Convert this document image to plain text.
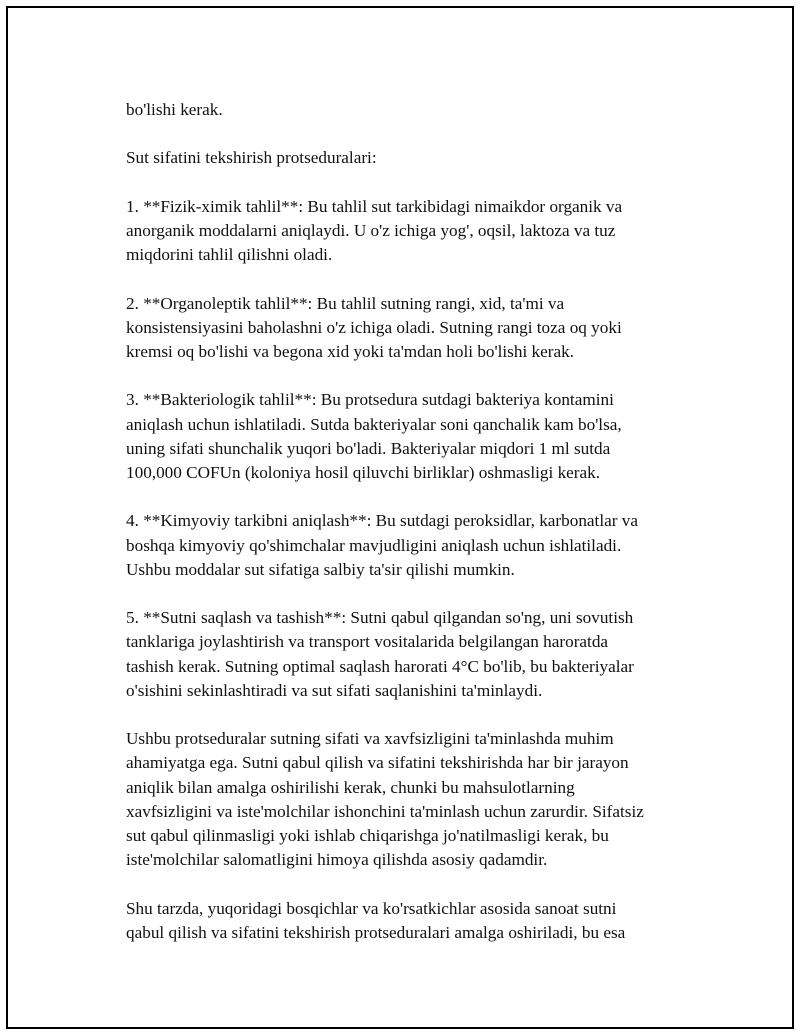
bo'lishi kerak.

Sut sifatini tekshirish protseduralari:

1. **Fizik-ximik tahlil**: Bu tahlil sut tarkibidagi nimaikdor organik va
anorganik moddalarni aniqlaydi. U o'z ichiga yog', oqsil, laktoza va tuz
miqdorini tahlil qilishni oladi.

2. **Organoleptik tahlil**: Bu tahlil sutning rangi, xid, ta'mi va
konsistensiyasini baholashni o'z ichiga oladi. Sutning rangi toza oq yoki
kremsi oq bo'lishi va begona xid yoki ta'mdan holi bo'lishi kerak.

3. **Bakteriologik tahlil**: Bu protsedura sutdagi bakteriya kontamini
aniqlash uchun ishlatiladi. Sutda bakteriyalar soni qanchalik kam bo'lsa,
uning sifati shunchalik yuqori bo'ladi. Bakteriyalar miqdori 1 ml sutda
100,000 COFUn (koloniya hosil qiluvchi birliklar) oshmasligi kerak.

4. **Kimyoviy tarkibni aniqlash**: Bu sutdagi peroksidlar, karbonatlar va
boshqa kimyoviy qo'shimchalar mavjudligini aniqlash uchun ishlatiladi.
Ushbu moddalar sut sifatiga salbiy ta'sir qilishi mumkin.

5. **Sutni saqlash va tashish**: Sutni qabul qilgandan so'ng, uni sovutish
tanklariga joylashtirish va transport vositalarida belgilangan haroratda
tashish kerak. Sutning optimal saqlash harorati 4°C bo'lib, bu bakteriyalar
o'sishini sekinlashtiradi va sut sifati saqlanishini ta'minlaydi.

Ushbu protseduralar sutning sifati va xavfsizligini ta'minlashda muhim
ahamiyatga ega. Sutni qabul qilish va sifatini tekshirishda har bir jarayon
aniqlik bilan amalga oshirilishi kerak, chunki bu mahsulotlarning
xavfsizligini va iste'molchilar ishonchini ta'minlash uchun zarurdir. Sifatsiz
sut qabul qilinmasligi yoki ishlab chiqarishga jo'natilmasligi kerak, bu
iste'molchilar salomatligini himoya qilishda asosiy qadamdir.

Shu tarzda, yuqoridagi bosqichlar va ko'rsatkichlar asosida sanoat sutni
qabul qilish va sifatini tekshirish protseduralari amalga oshiriladi, bu esa
